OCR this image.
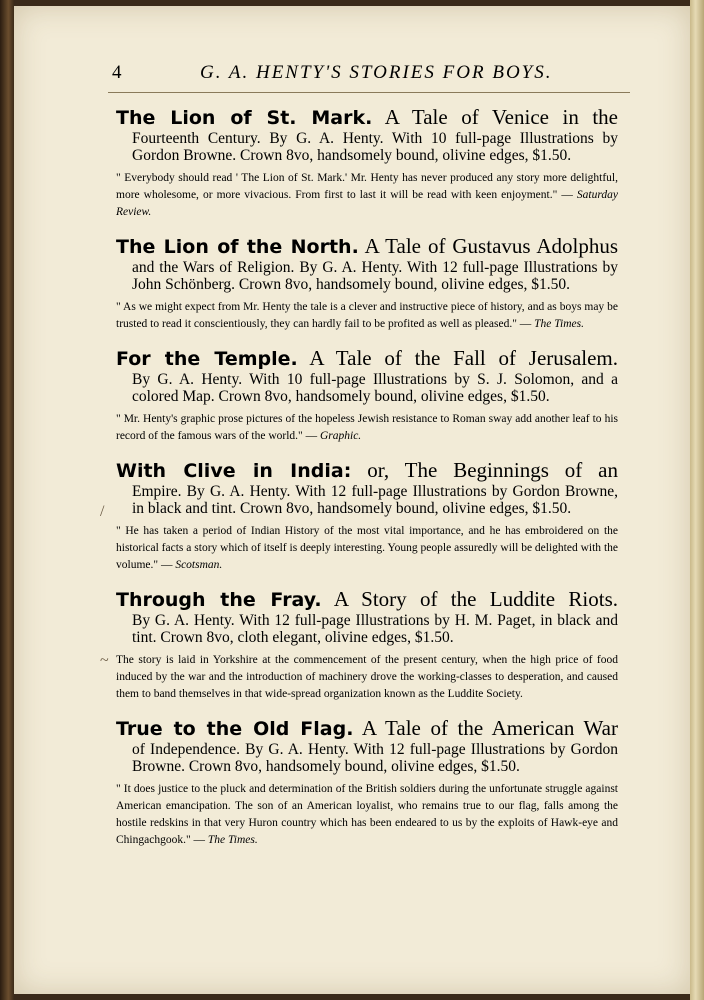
4	G. A. HENTY'S STORIES FOR BOYS.
/
~

The Lion of St. Mark. A Tale of Venice in the

Fourteenth Century. By G. A. Henty. With 10 full-page Illustrations by Gordon Browne. Crown 8vo, handsomely bound, olivine edges, $1.50.

" Everybody should read ' The Lion of St. Mark.' Mr. Henty has never produced any story more delightful, more wholesome, or more vivacious. From first to last it will be read with keen enjoyment." — Saturday Review.

The Lion of the North. A Tale of Gustavus Adolphus

and the Wars of Religion. By G. A. Henty. With 12 full-page Illustrations by John Schönberg. Crown 8vo, handsomely bound, olivine edges, $1.50.

" As we might expect from Mr. Henty the tale is a clever and instructive piece of history, and as boys may be trusted to read it conscientiously, they can hardly fail to be profited as well as pleased." — The Times.

For the Temple. A Tale of the Fall of Jerusalem.

By G. A. Henty. With 10 full-page Illustrations by S. J. Solomon, and a colored Map. Crown 8vo, handsomely bound, olivine edges, $1.50.

" Mr. Henty's graphic prose pictures of the hopeless Jewish resistance to Roman sway add another leaf to his record of the famous wars of the world." — Graphic.

With Clive in India: or, The Beginnings of an

Empire. By G. A. Henty. With 12 full-page Illustrations by Gordon Browne, in black and tint. Crown 8vo, handsomely bound, olivine edges, $1.50.

" He has taken a period of Indian History of the most vital importance, and he has embroidered on the historical facts a story which of itself is deeply interesting. Young people assuredly will be delighted with the volume." — Scotsman.

Through the Fray. A Story of the Luddite Riots.

By G. A. Henty. With 12 full-page Illustrations by H. M. Paget, in black and tint. Crown 8vo, cloth elegant, olivine edges, $1.50.

The story is laid in Yorkshire at the commencement of the present century, when the high price of food induced by the war and the introduction of machinery drove the working-classes to desperation, and caused them to band themselves in that wide-spread organization known as the Luddite Society.

True to the Old Flag. A Tale of the American War

of Independence. By G. A. Henty. With 12 full-page Illustrations by Gordon Browne. Crown 8vo, handsomely bound, olivine edges, $1.50.

" It does justice to the pluck and determination of the British soldiers during the unfortunate struggle against American emancipation. The son of an American loyalist, who remains true to our flag, falls among the hostile redskins in that very Huron country which has been endeared to us by the exploits of Hawk-eye and Chingachgook." — The Times.
